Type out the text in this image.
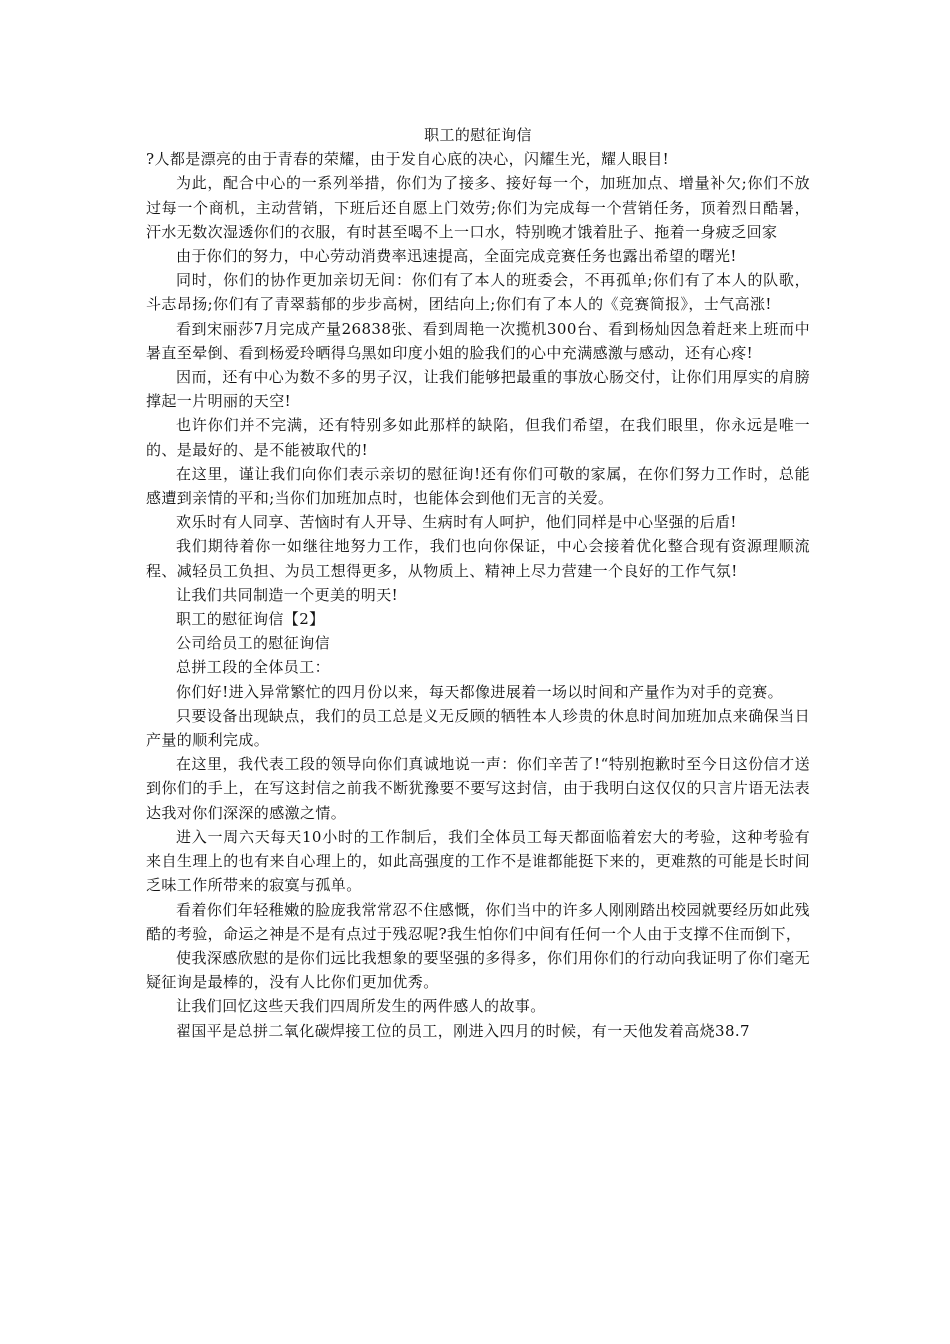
职工的慰征询信

?人都是漂亮的由于青春的荣耀，由于发自心底的决心，闪耀生光，耀人眼目!

为此，配合中心的一系列举措，你们为了接多、接好每一个，加班加点、增量补欠;你们不放过每一个商机，主动营销，下班后还自愿上门效劳;你们为完成每一个营销任务，顶着烈日酷暑，汗水无数次湿透你们的衣服，有时甚至喝不上一口水，特别晚才饿着肚子、拖着一身疲乏回家

由于你们的努力，中心劳动消费率迅速提高，全面完成竞赛任务也露出希望的曙光!

同时，你们的协作更加亲切无间：你们有了本人的班委会，不再孤单;你们有了本人的队歌，斗志昂扬;你们有了青翠蓊郁的步步高树，团结向上;你们有了本人的《竞赛简报》，士气高涨!

看到宋丽莎7月完成产量26838张、看到周艳一次揽机300台、看到杨灿因急着赶来上班而中暑直至晕倒、看到杨爱玲晒得乌黑如印度小姐的脸我们的心中充满感激与感动，还有心疼!

因而，还有中心为数不多的男子汉，让我们能够把最重的事放心肠交付，让你们用厚实的肩膀撑起一片明丽的天空!

也许你们并不完满，还有特别多如此那样的缺陷，但我们希望，在我们眼里，你永远是唯一的、是最好的、是不能被取代的!

在这里，谨让我们向你们表示亲切的慰征询!还有你们可敬的家属，在你们努力工作时，总能感遭到亲情的平和;当你们加班加点时，也能体会到他们无言的关爱。

欢乐时有人同享、苦恼时有人开导、生病时有人呵护，他们同样是中心坚强的后盾!

我们期待着你一如继往地努力工作，我们也向你保证，中心会接着优化整合现有资源理顺流程、减轻员工负担、为员工想得更多，从物质上、精神上尽力营建一个良好的工作气氛!

让我们共同制造一个更美的明天!

职工的慰征询信【2】

公司给员工的慰征询信

总拼工段的全体员工：

你们好!进入异常繁忙的四月份以来，每天都像进展着一场以时间和产量作为对手的竞赛。

只要设备出现缺点，我们的员工总是义无反顾的牺牲本人珍贵的休息时间加班加点来确保当日产量的顺利完成。

在这里，我代表工段的领导向你们真诚地说一声：你们辛苦了!“特别抱歉时至今日这份信才送到你们的手上，在写这封信之前我不断犹豫要不要写这封信，由于我明白这仅仅的只言片语无法表达我对你们深深的感激之情。

进入一周六天每天10小时的工作制后，我们全体员工每天都面临着宏大的考验，这种考验有来自生理上的也有来自心理上的，如此高强度的工作不是谁都能挺下来的，更难熬的可能是长时间乏味工作所带来的寂寞与孤单。

看着你们年轻稚嫩的脸庞我常常忍不住感慨，你们当中的许多人刚刚踏出校园就要经历如此残酷的考验，命运之神是不是有点过于残忍呢?我生怕你们中间有任何一个人由于支撑不住而倒下，

使我深感欣慰的是你们远比我想象的要坚强的多得多，你们用你们的行动向我证明了你们毫无疑征询是最棒的，没有人比你们更加优秀。

让我们回忆这些天我们四周所发生的两件感人的故事。

翟国平是总拼二氧化碳焊接工位的员工，刚进入四月的时候，有一天他发着高烧38.7
